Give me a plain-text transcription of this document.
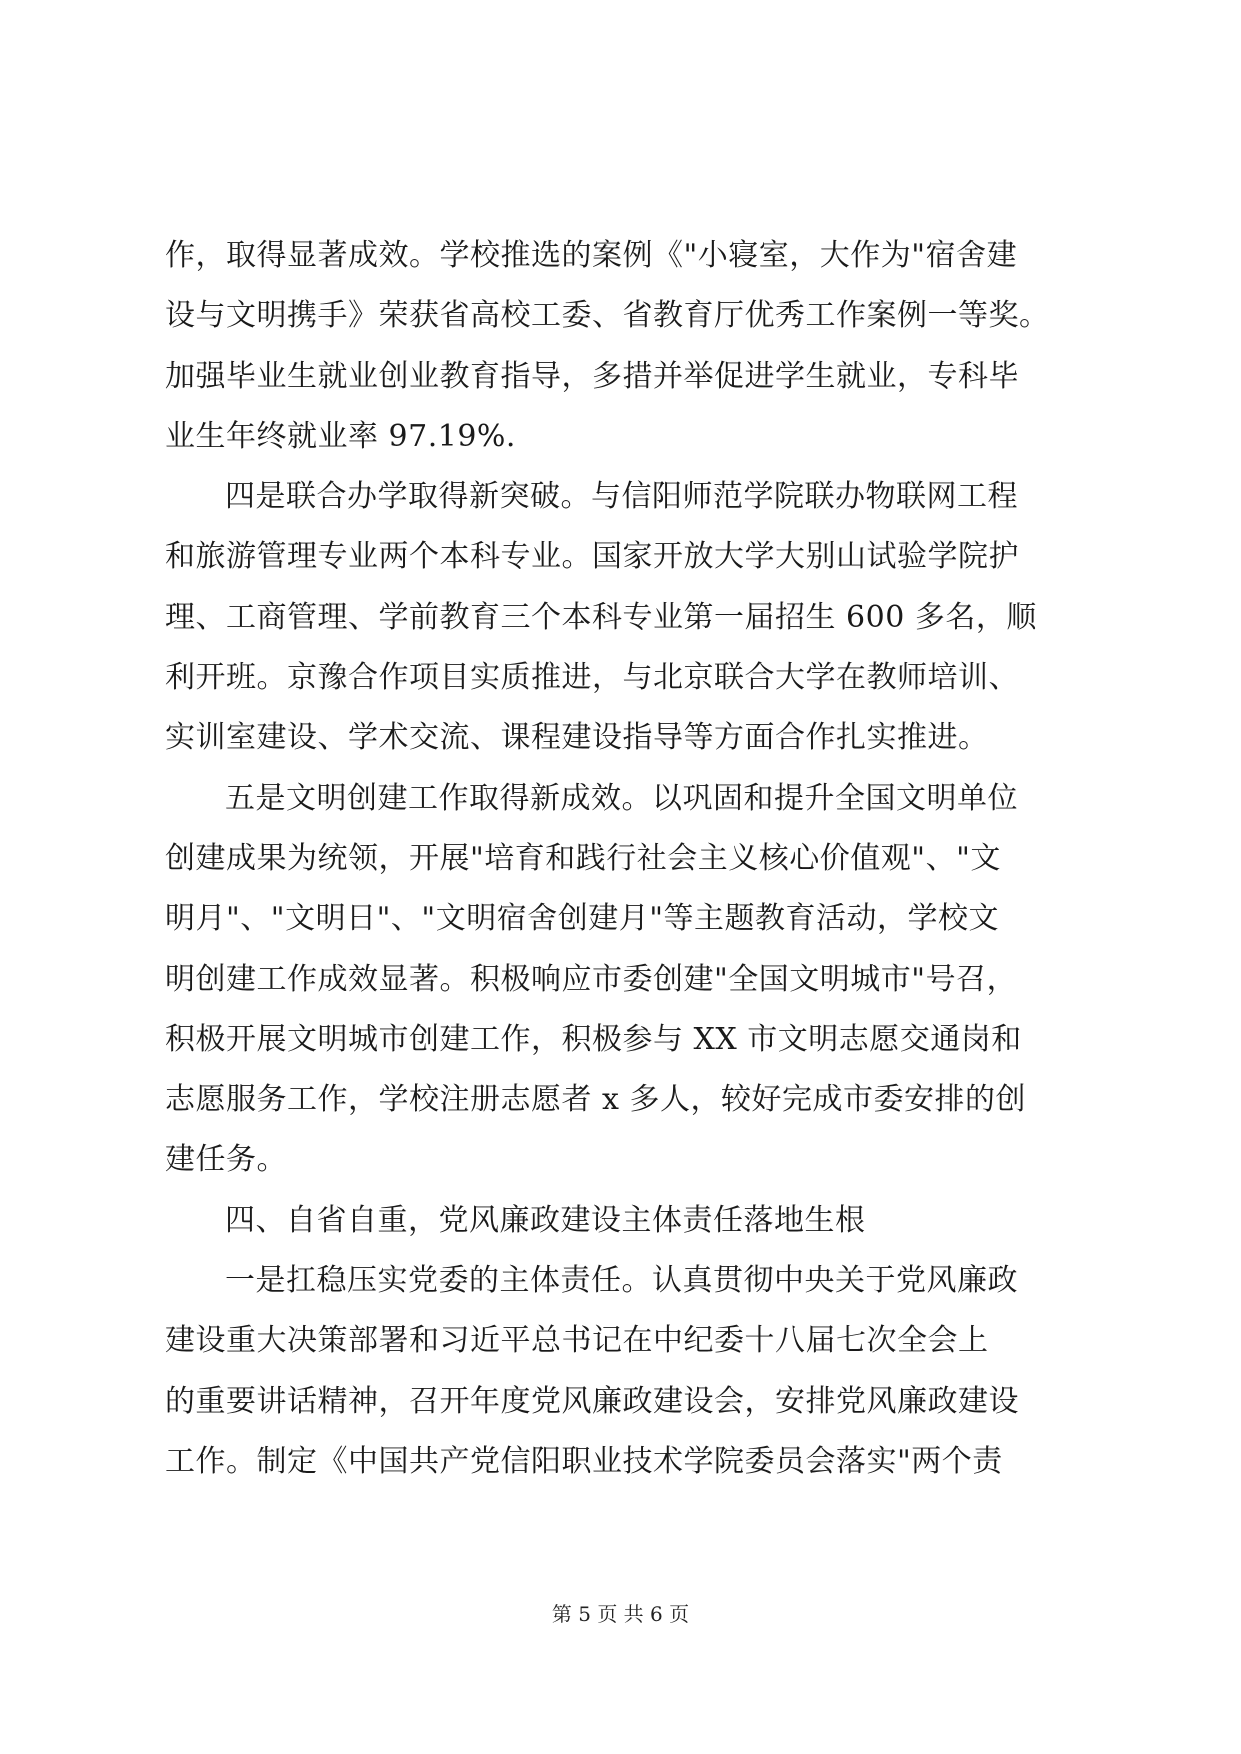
作，取得显著成效。学校推选的案例《"小寝室，大作为"宿舍建
设与文明携手》荣获省高校工委、省教育厅优秀工作案例一等奖。
加强毕业生就业创业教育指导，多措并举促进学生就业，专科毕
业生年终就业率 97.19%.
四是联合办学取得新突破。与信阳师范学院联办物联网工程
和旅游管理专业两个本科专业。国家开放大学大别山试验学院护
理、工商管理、学前教育三个本科专业第一届招生 600 多名，顺
利开班。京豫合作项目实质推进，与北京联合大学在教师培训、
实训室建设、学术交流、课程建设指导等方面合作扎实推进。
五是文明创建工作取得新成效。以巩固和提升全国文明单位
创建成果为统领，开展"培育和践行社会主义核心价值观"、"文
明月"、"文明日"、"文明宿舍创建月"等主题教育活动，学校文
明创建工作成效显著。积极响应市委创建"全国文明城市"号召，
积极开展文明城市创建工作，积极参与 XX 市文明志愿交通岗和
志愿服务工作，学校注册志愿者 x 多人，较好完成市委安排的创
建任务。
四、自省自重，党风廉政建设主体责任落地生根
一是扛稳压实党委的主体责任。认真贯彻中央关于党风廉政
建设重大决策部署和习近平总书记在中纪委十八届七次全会上
的重要讲话精神，召开年度党风廉政建设会，安排党风廉政建设
工作。制定《中国共产党信阳职业技术学院委员会落实"两个责
第 5 页 共 6 页
